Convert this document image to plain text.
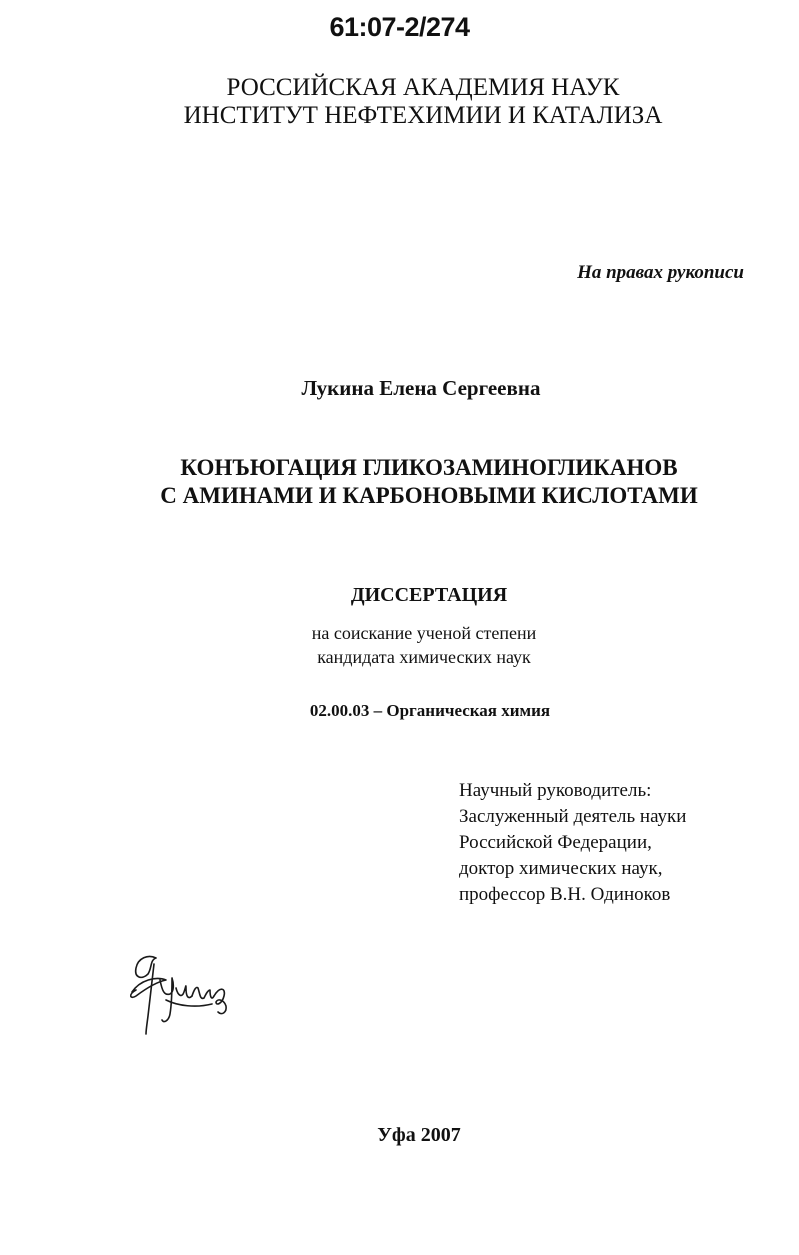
61:07-2/274
РОССИЙСКАЯ АКАДЕМИЯ НАУК
ИНСТИТУТ НЕФТЕХИМИИ И КАТАЛИЗА
На правах рукописи
Лукина Елена Сергеевна
КОНЪЮГАЦИЯ ГЛИКОЗАМИНОГЛИКАНОВ
С АМИНАМИ И КАРБОНОВЫМИ КИСЛОТАМИ
ДИССЕРТАЦИЯ
на соискание ученой степени
кандидата химических наук
02.00.03 – Органическая химия
Научный руководитель:
Заслуженный деятель науки
Российской Федерации,
доктор химических наук,
профессор В.Н. Одиноков
Уфа 2007
